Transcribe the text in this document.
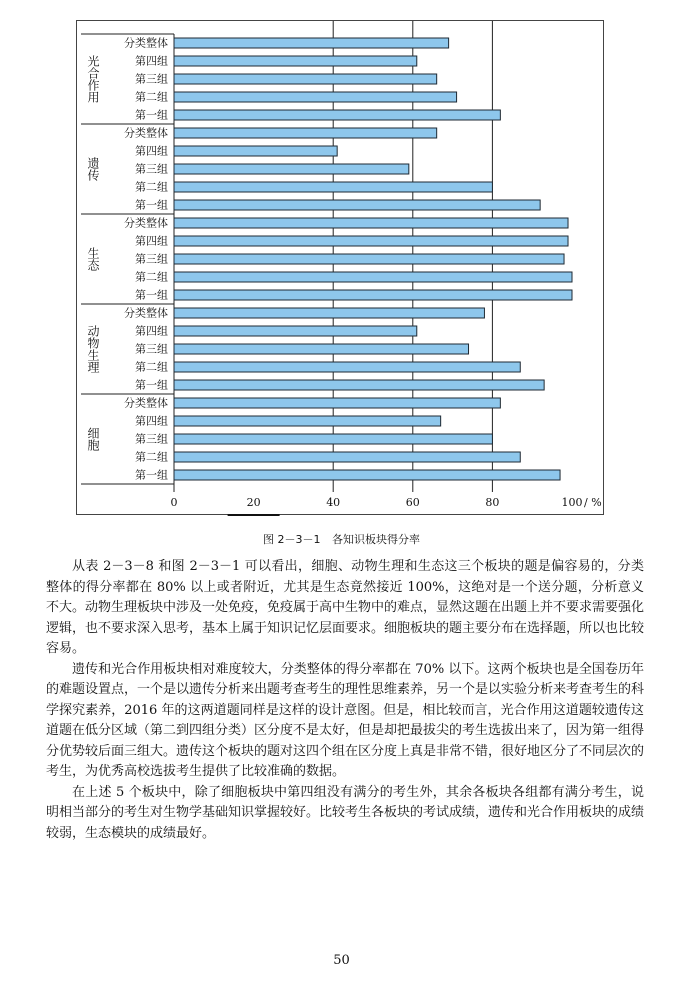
光合作用
分类整体
第四组
第三组
第二组
第一组
遗传
分类整体
第四组
第三组
第二组
第一组
生态
分类整体
第四组
第三组
第二组
第一组
动物生理
分类整体
第四组
第三组
第二组
第一组
细胞
分类整体
第四组
第三组
第二组
第一组
0	20	40	60	80	100 / %
图 2－3－1 各知识板块得分率

从表 2－3－8 和图 2－3－1 可以看出，细胞、动物生理和生态这三个板块的题是偏容易的，分类整体的得分率都在 80% 以上或者附近，尤其是生态竟然接近 100%，这绝对是一个送分题，分析意义不大。动物生理板块中涉及一处免疫，免疫属于高中生物中的难点，显然这题在出题上并不要求需要强化逻辑，也不要求深入思考，基本上属于知识记忆层面要求。细胞板块的题主要分布在选择题，所以也比较容易。

遗传和光合作用板块相对难度较大，分类整体的得分率都在 70% 以下。这两个板块也是全国卷历年的难题设置点，一个是以遗传分析来出题考查考生的理性思维素养，另一个是以实验分析来考查考生的科学探究素养，2016 年的这两道题同样是这样的设计意图。但是，相比较而言，光合作用这道题较遗传这道题在低分区域（第二到四组分类）区分度不是太好，但是却把最拔尖的考生选拔出来了，因为第一组得分优势较后面三组大。遗传这个板块的题对这四个组在区分度上真是非常不错，很好地区分了不同层次的考生，为优秀高校选拔考生提供了比较准确的数据。

在上述 5 个板块中，除了细胞板块中第四组没有满分的考生外，其余各板块各组都有满分考生，说明相当部分的考生对生物学基础知识掌握较好。比较考生各板块的考试成绩，遗传和光合作用板块的成绩较弱，生态模块的成绩最好。

50
